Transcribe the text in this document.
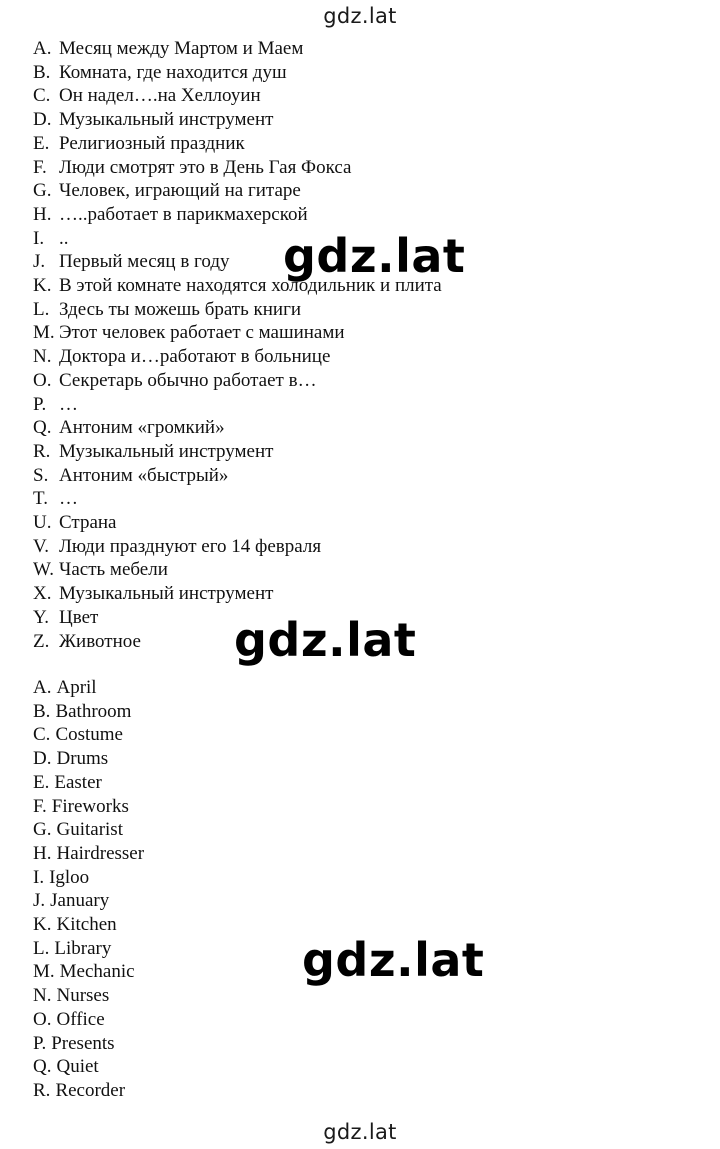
gdz.lat
A. Месяц между Мартом и Маем
B. Комната, где находится душ
C. Он надел….на Хеллоуин
D. Музыкальный инструмент
E. Религиозный праздник
F. Люди смотрят это в День Гая Фокса
G. Человек, играющий на гитаре
H. …..работает в парикмахерской
I. ..
J. Первый месяц в году
K. В этой комнате находятся холодильник и плита
L. Здесь ты можешь брать книги
M. Этот человек работает с машинами
N. Доктора и…работают в больнице
O. Секретарь обычно работает в…
P. …
Q. Антоним «громкий»
R. Музыкальный инструмент
S. Антоним «быстрый»
T. …
U. Страна
V. Люди празднуют его 14 февраля
W. Часть мебели
X. Музыкальный инструмент
Y. Цвет
Z. Животное
A. April
B. Bathroom
C. Costume
D. Drums
E. Easter
F. Fireworks
G. Guitarist
H. Hairdresser
I. Igloo
J. January
K. Kitchen
L. Library
M. Mechanic
N. Nurses
O. Office
P. Presents
Q. Quiet
R. Recorder
gdz.lat
gdz.lat
gdz.lat
gdz.lat
